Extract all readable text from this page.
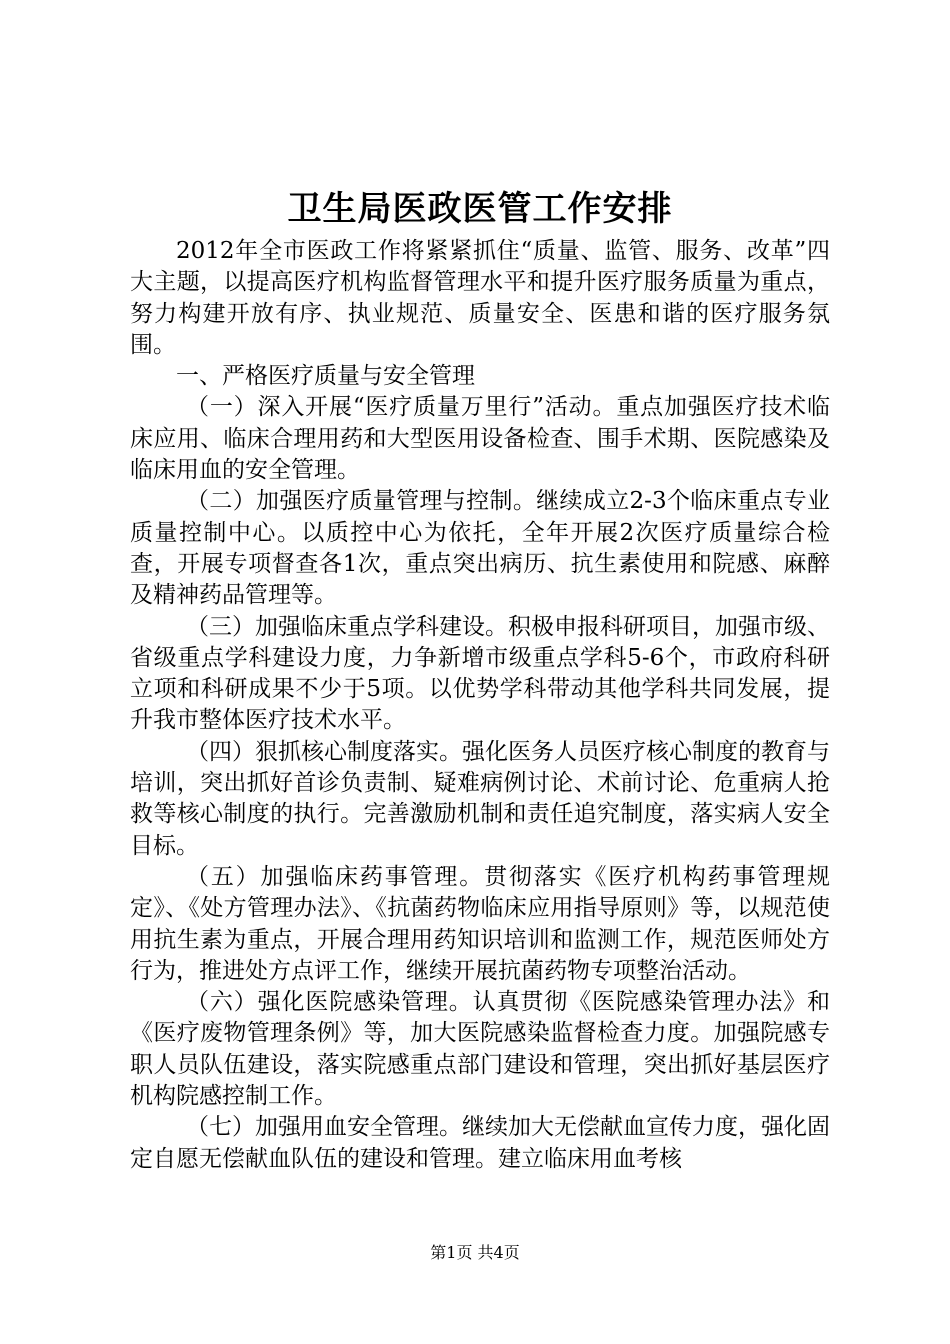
卫生局医政医管工作安排

2012年全市医政工作将紧紧抓住“质量、监管、服务、改革”四大主题，以提高医疗机构监督管理水平和提升医疗服务质量为重点，努力构建开放有序、执业规范、质量安全、医患和谐的医疗服务氛围。

一、严格医疗质量与安全管理

（一）深入开展“医疗质量万里行”活动。重点加强医疗技术临床应用、临床合理用药和大型医用设备检查、围手术期、医院感染及临床用血的安全管理。

（二）加强医疗质量管理与控制。继续成立2-3个临床重点专业质量控制中心。以质控中心为依托，全年开展2次医疗质量综合检查，开展专项督查各1次，重点突出病历、抗生素使用和院感、麻醉及精神药品管理等。

（三）加强临床重点学科建设。积极申报科研项目，加强市级、省级重点学科建设力度，力争新增市级重点学科5-6个，市政府科研立项和科研成果不少于5项。以优势学科带动其他学科共同发展，提升我市整体医疗技术水平。

（四）狠抓核心制度落实。强化医务人员医疗核心制度的教育与培训，突出抓好首诊负责制、疑难病例讨论、术前讨论、危重病人抢救等核心制度的执行。完善激励机制和责任追究制度，落实病人安全目标。

（五）加强临床药事管理。贯彻落实《医疗机构药事管理规定》、《处方管理办法》、《抗菌药物临床应用指导原则》等，以规范使用抗生素为重点，开展合理用药知识培训和监测工作，规范医师处方行为，推进处方点评工作，继续开展抗菌药物专项整治活动。

（六）强化医院感染管理。认真贯彻《医院感染管理办法》和《医疗废物管理条例》等，加大医院感染监督检查力度。加强院感专职人员队伍建设，落实院感重点部门建设和管理，突出抓好基层医疗机构院感控制工作。

（七）加强用血安全管理。继续加大无偿献血宣传力度，强化固定自愿无偿献血队伍的建设和管理。建立临床用血考核

第1页 共4页
